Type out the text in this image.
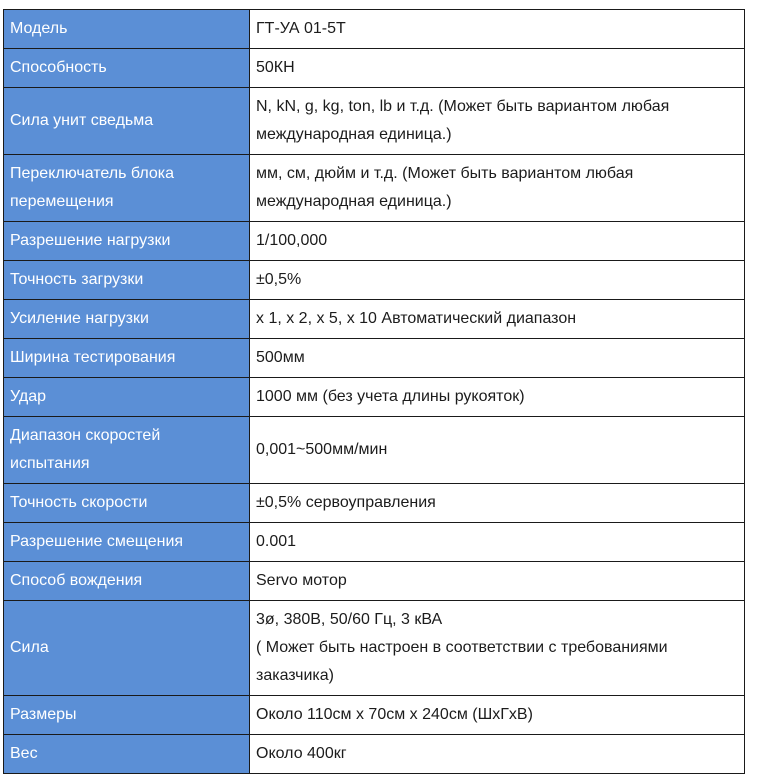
Модель	ГТ-УА 01-5Т

Способность	50КН

Сила унит сведьма	N, kN, g, kg, ton, lb и т.д. (Может быть вариантом любая
международная единица.)

Переключатель блока
перемещения	мм, см, дюйм и т.д. (Может быть вариантом любая
международная единица.)

Разрешение нагрузки	1/100,000

Точность загрузки	±0,5%

Усиление нагрузки	x 1, x 2, x 5, x 10 Автоматический диапазон

Ширина тестирования	500мм

Удар	1000 мм (без учета длины рукояток)

Диапазон скоростей
испытания	0,001~500мм/мин

Точность скорости	±0,5% сервоуправления

Разрешение смещения	0.001

Способ вождения	Servo мотор

Сила	3ø, 380В, 50/60 Гц, 3 кВА
( Может быть настроен в соответствии с требованиями
заказчика)

Размеры	Около 110см x 70см x 240см (ШхГхВ)

Вес	Около 400кг
